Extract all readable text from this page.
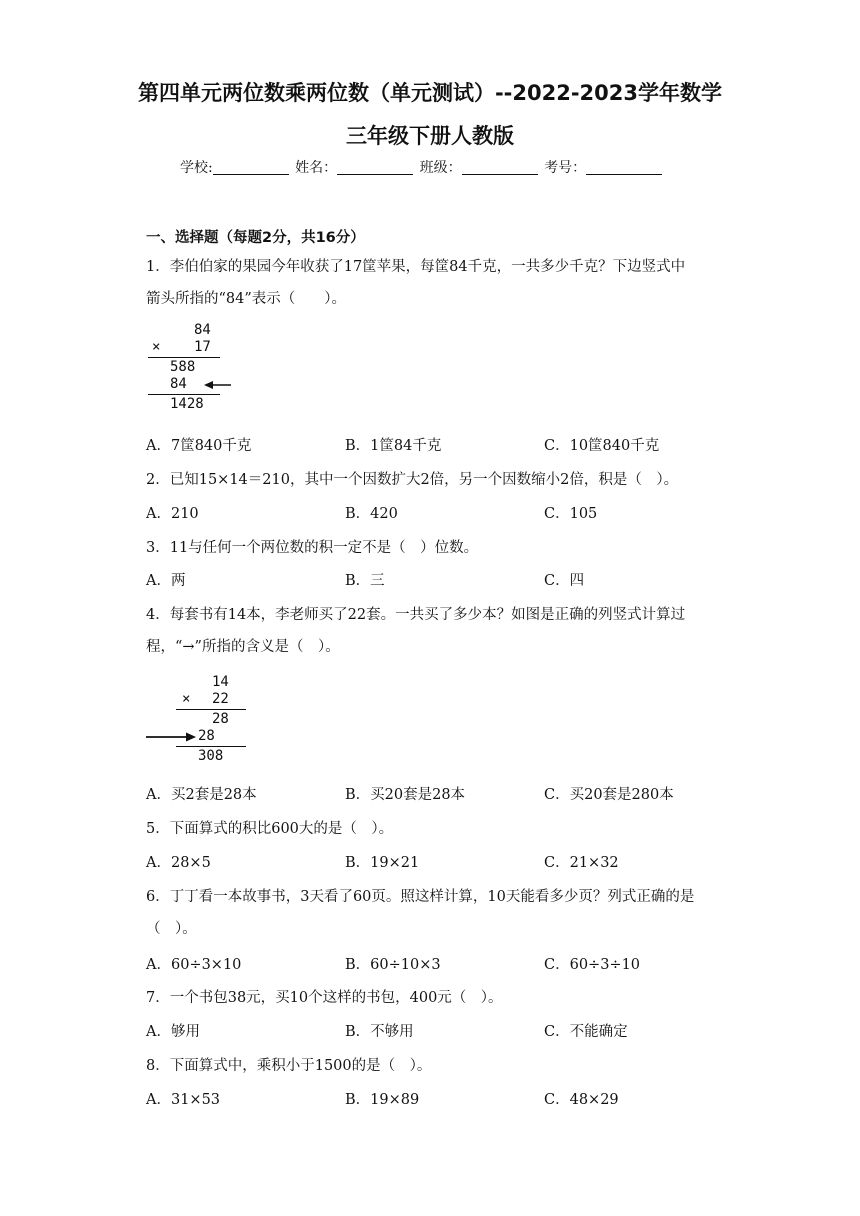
第四单元两位数乘两位数（单元测试）--2022-2023学年数学
三年级下册人教版
学校:	姓名：	班级：	考号：
一、选择题（每题2分，共16分）
1．李伯伯家的果园今年收获了17筐苹果，每筐84千克，一共多少千克？下边竖式中
箭头所指的“84”表示（　　）。
84
× 17
588
84
1428
A．7筐840千克	B．1筐84千克	C．10筐840千克
2．已知15×14＝210，其中一个因数扩大2倍，另一个因数缩小2倍，积是（　）。
A．210	B．420	C．105
3．11与任何一个两位数的积一定不是（　）位数。
A．两	B．三	C．四
4．每套书有14本，李老师买了22套。一共买了多少本？如图是正确的列竖式计算过
程，“→”所指的含义是（　）。
14
× 22
28
28
308
A．买2套是28本	B．买20套是28本	C．买20套是280本
5．下面算式的积比600大的是（　）。
A．28×5	B．19×21	C．21×32
6．丁丁看一本故事书，3天看了60页。照这样计算，10天能看多少页？列式正确的是
（　）。
A．60÷3×10	B．60÷10×3	C．60÷3÷10
7．一个书包38元，买10个这样的书包，400元（　）。
A．够用	B．不够用	C．不能确定
8．下面算式中，乘积小于1500的是（　）。
A．31×53	B．19×89	C．48×29
